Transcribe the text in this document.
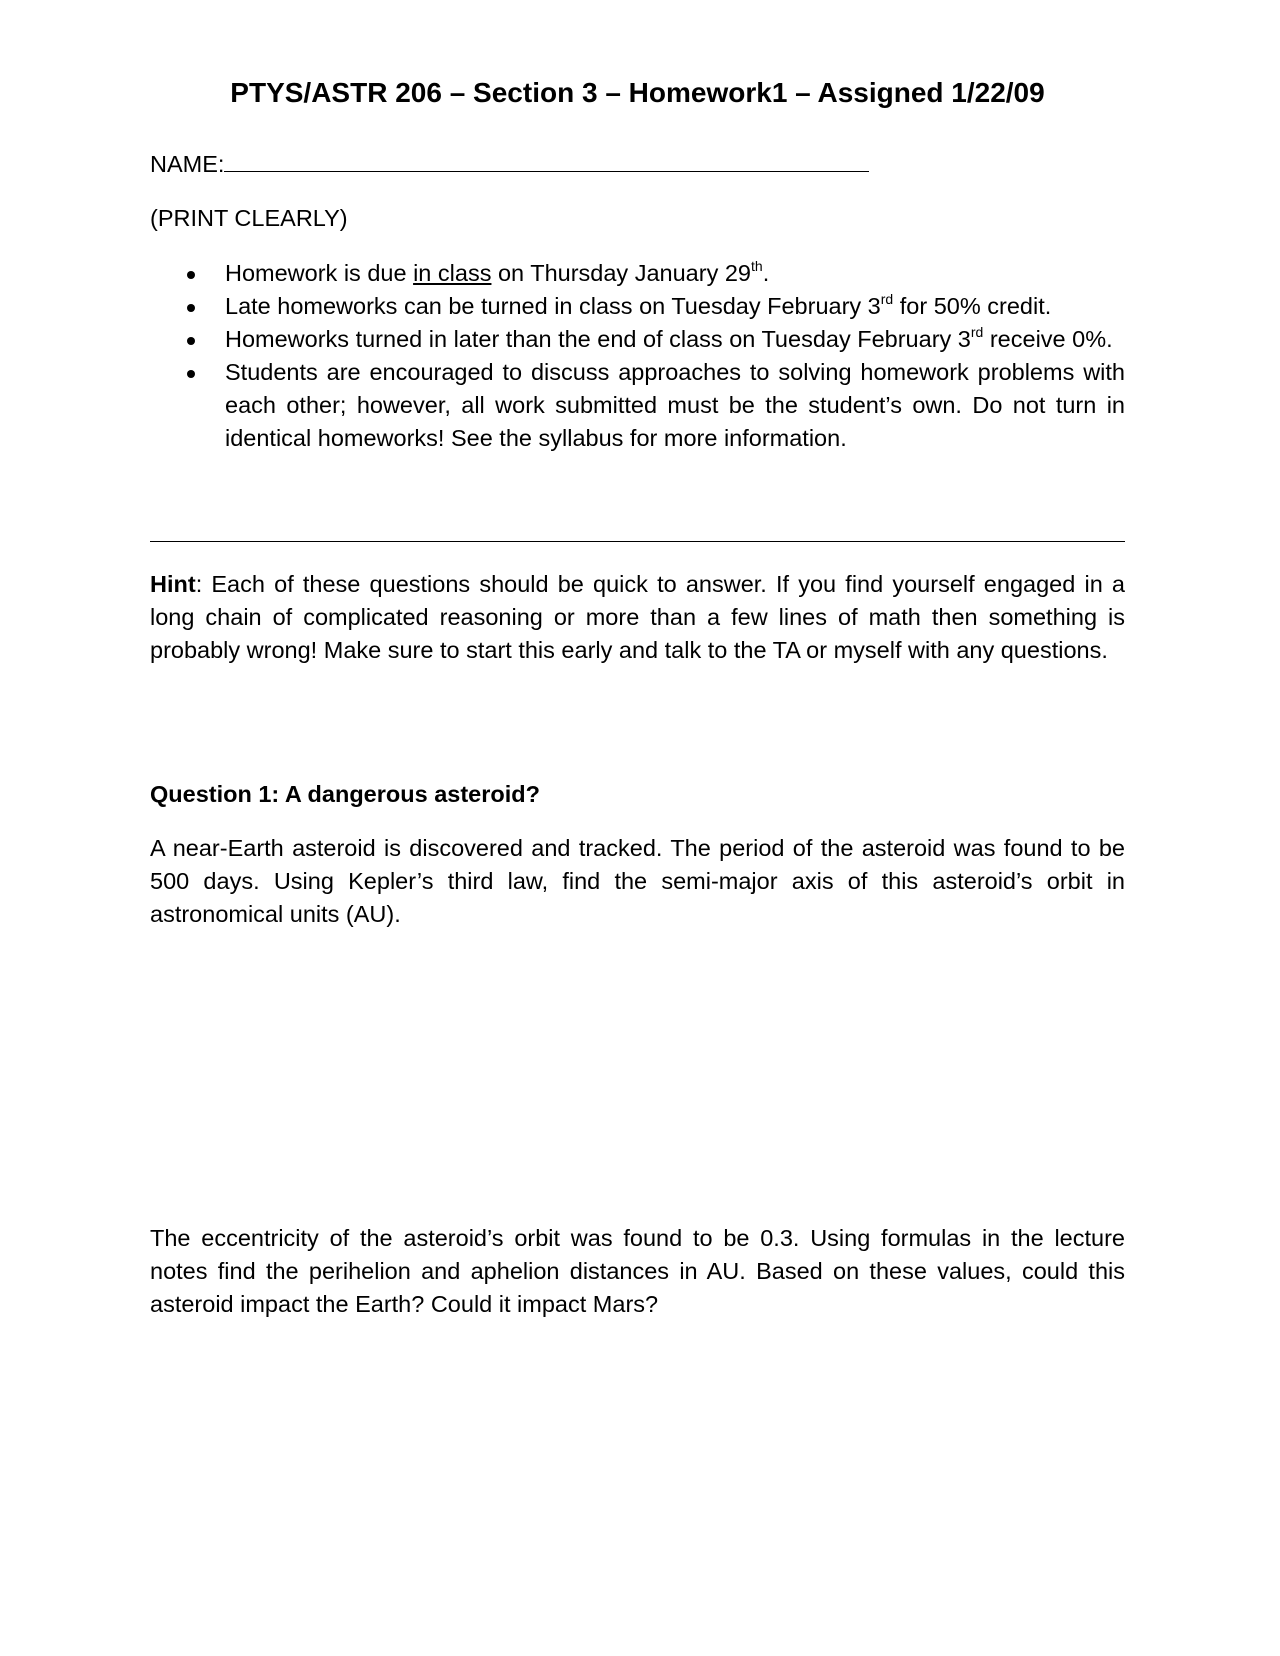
PTYS/ASTR 206 – Section 3 – Homework1 – Assigned 1/22/09

NAME:

(PRINT CLEARLY)

Homework is due in class on Thursday January 29th.
Late homeworks can be turned in class on Tuesday February 3rd for 50% credit.
Homeworks turned in later than the end of class on Tuesday February 3rd receive 0%.
Students are encouraged to discuss approaches to solving homework problems with each other; however, all work submitted must be the student’s own. Do not turn in identical homeworks! See the syllabus for more information.

Hint: Each of these questions should be quick to answer. If you find yourself engaged in a long chain of complicated reasoning or more than a few lines of math then something is probably wrong! Make sure to start this early and talk to the TA or myself with any questions.

Question 1: A dangerous asteroid?

A near-Earth asteroid is discovered and tracked. The period of the asteroid was found to be 500 days. Using Kepler’s third law, find the semi-major axis of this asteroid’s orbit in astronomical units (AU).

The eccentricity of the asteroid’s orbit was found to be 0.3. Using formulas in the lecture notes find the perihelion and aphelion distances in AU. Based on these values, could this asteroid impact the Earth? Could it impact Mars?
